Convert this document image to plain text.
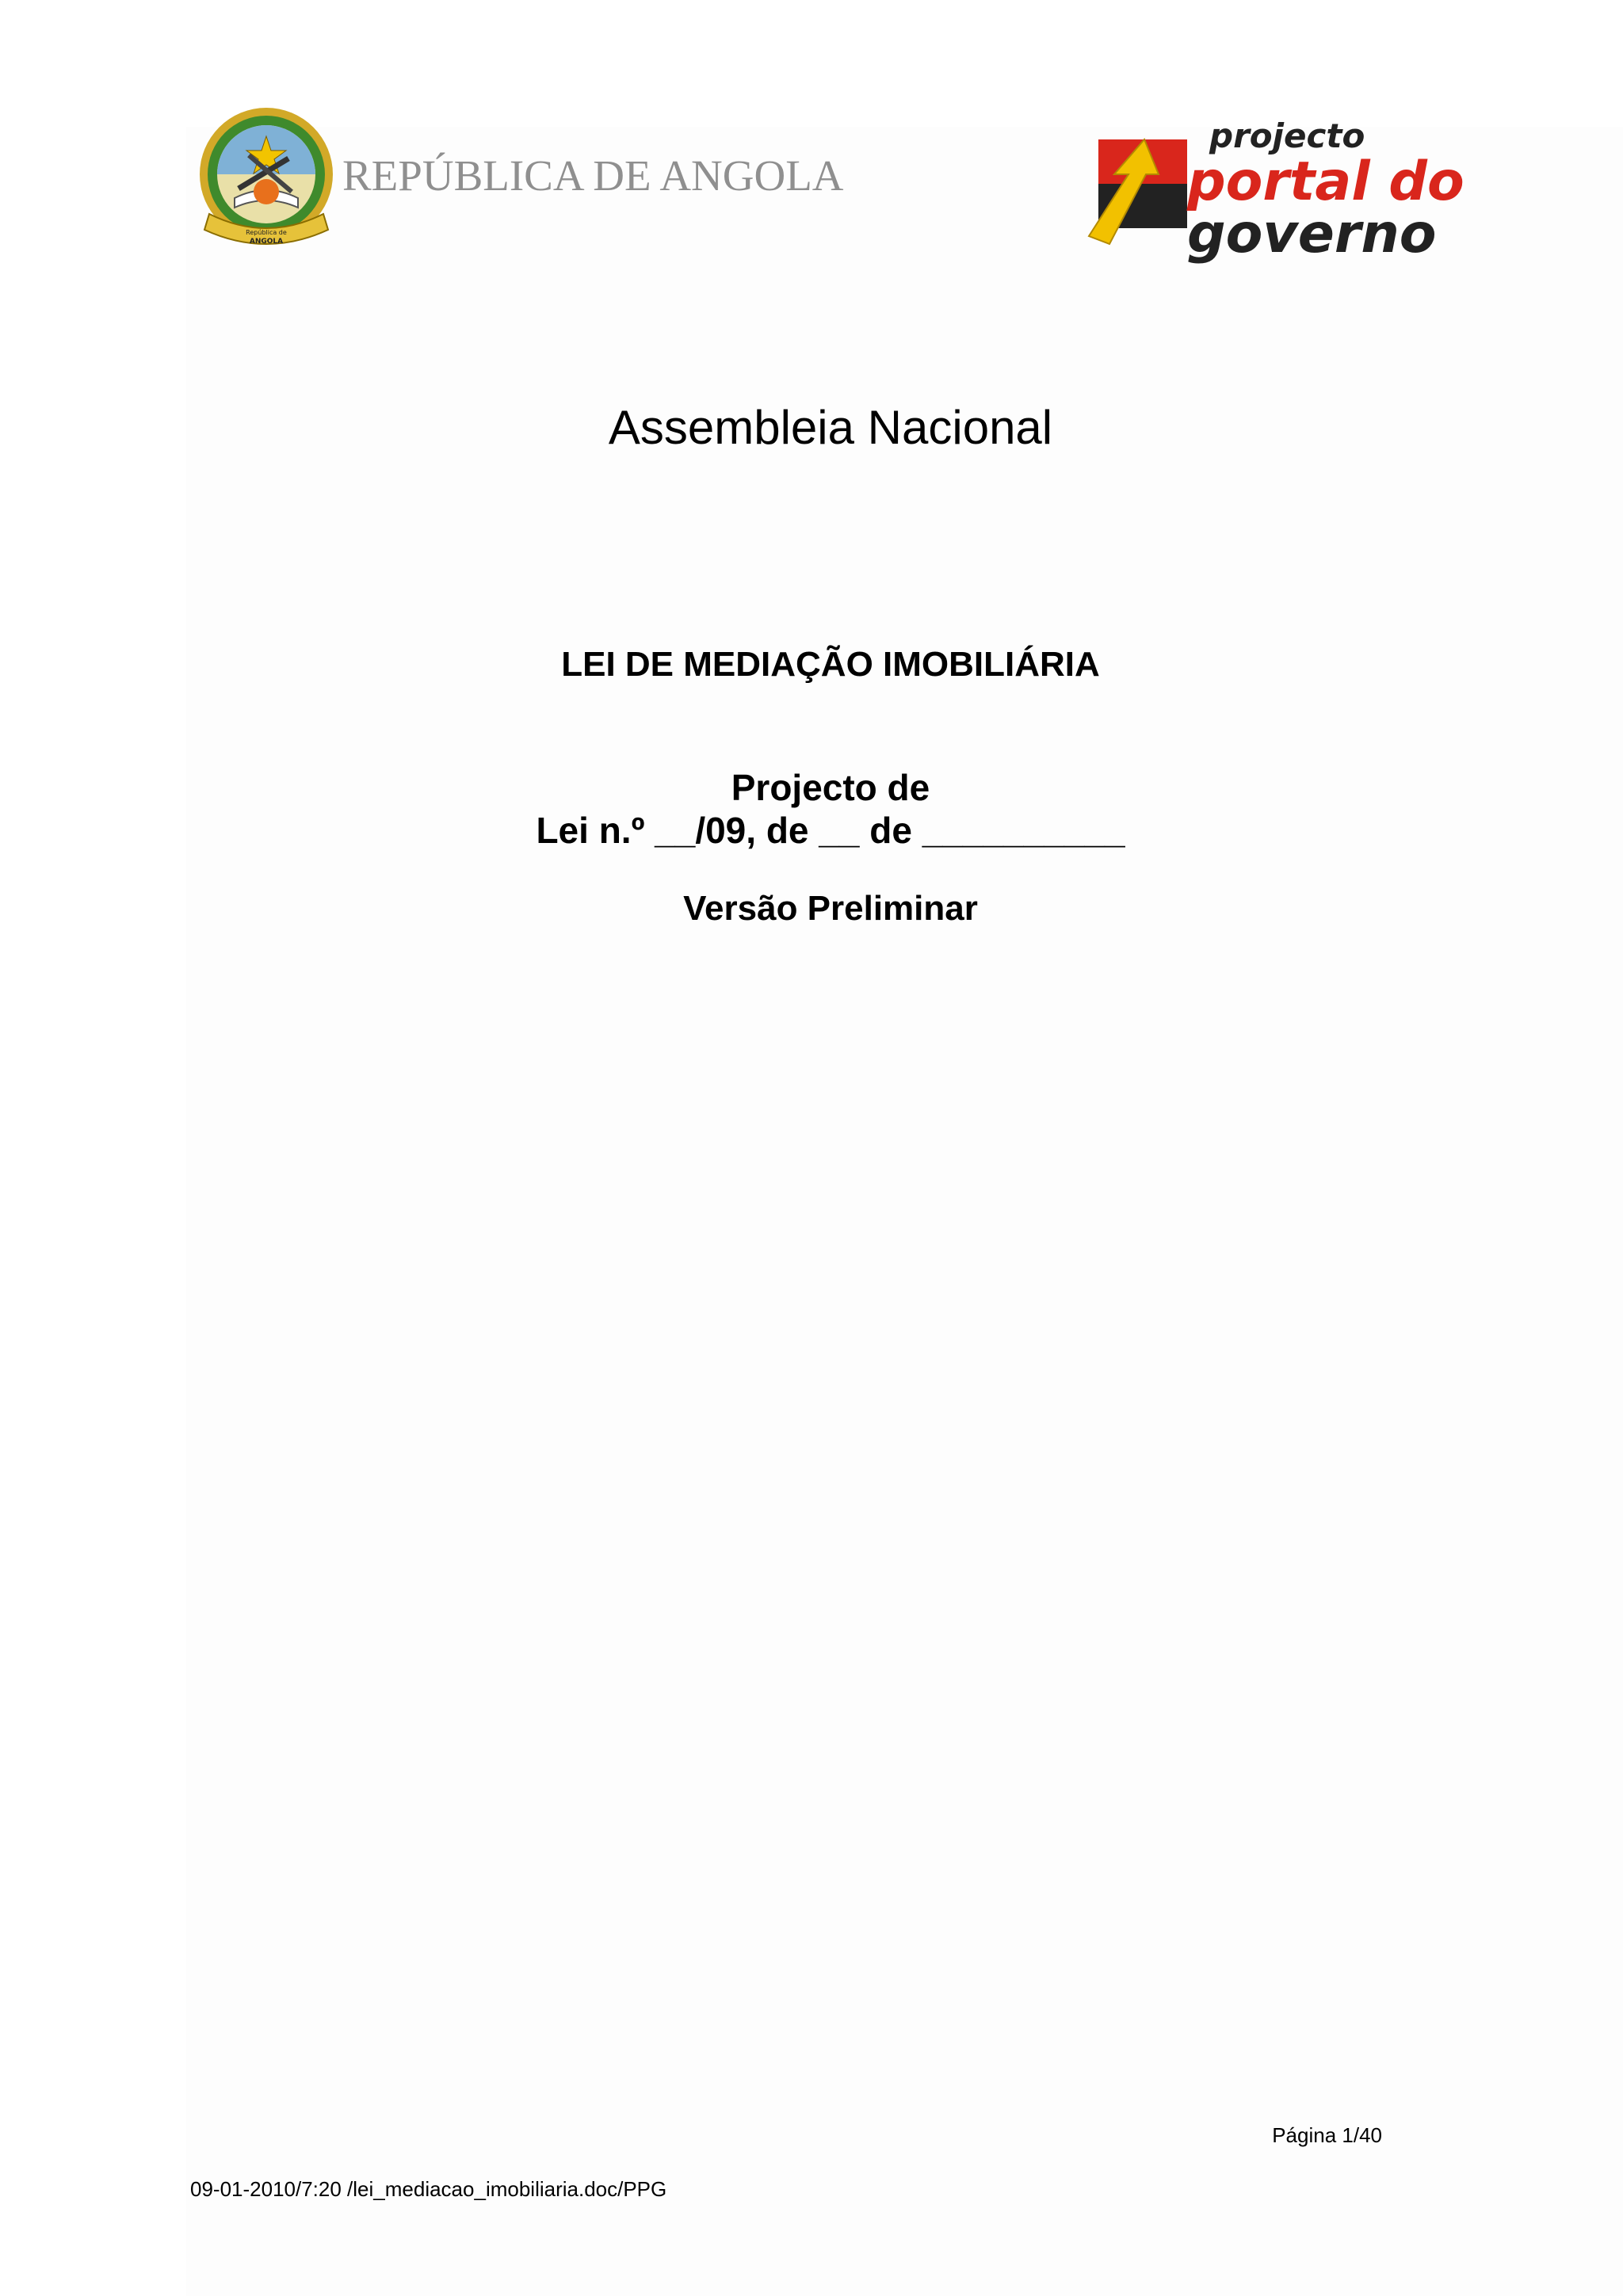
República de
ANGOLA
REPÚBLICA DE ANGOLA
projecto
portal do
governo
Assembleia Nacional
LEI DE MEDIAÇÃO IMOBILIÁRIA
Projecto de
Lei n.º __/09, de __ de __________
Versão Preliminar
Página 1/40
09-01-2010/7:20 /lei_mediacao_imobiliaria.doc/PPG
